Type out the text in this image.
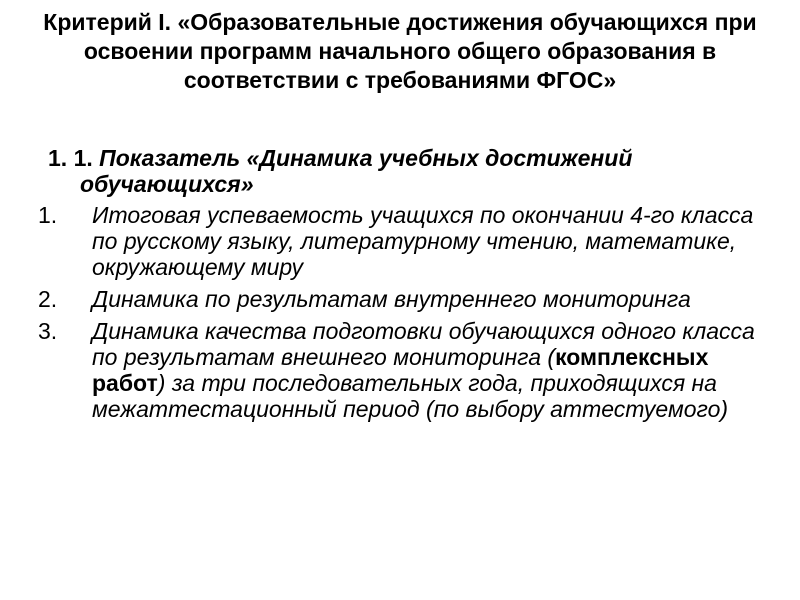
Критерий I. «Образовательные достижения обучающихся при освоении программ начального общего образования в соответствии с требованиями ФГОС»

1. 1. Показатель «Динамика учебных достижений обучающихся»

1.	Итоговая успеваемость учащихся по окончании 4-го класса по русскому языку, литературному чтению, математике, окружающему миру
2.	Динамика по результатам внутреннего мониторинга
3.	Динамика качества подготовки обучающихся одного класса по результатам внешнего мониторинга (комплексных работ) за три последовательных года, приходящихся на межаттестационный период (по выбору аттестуемого)
